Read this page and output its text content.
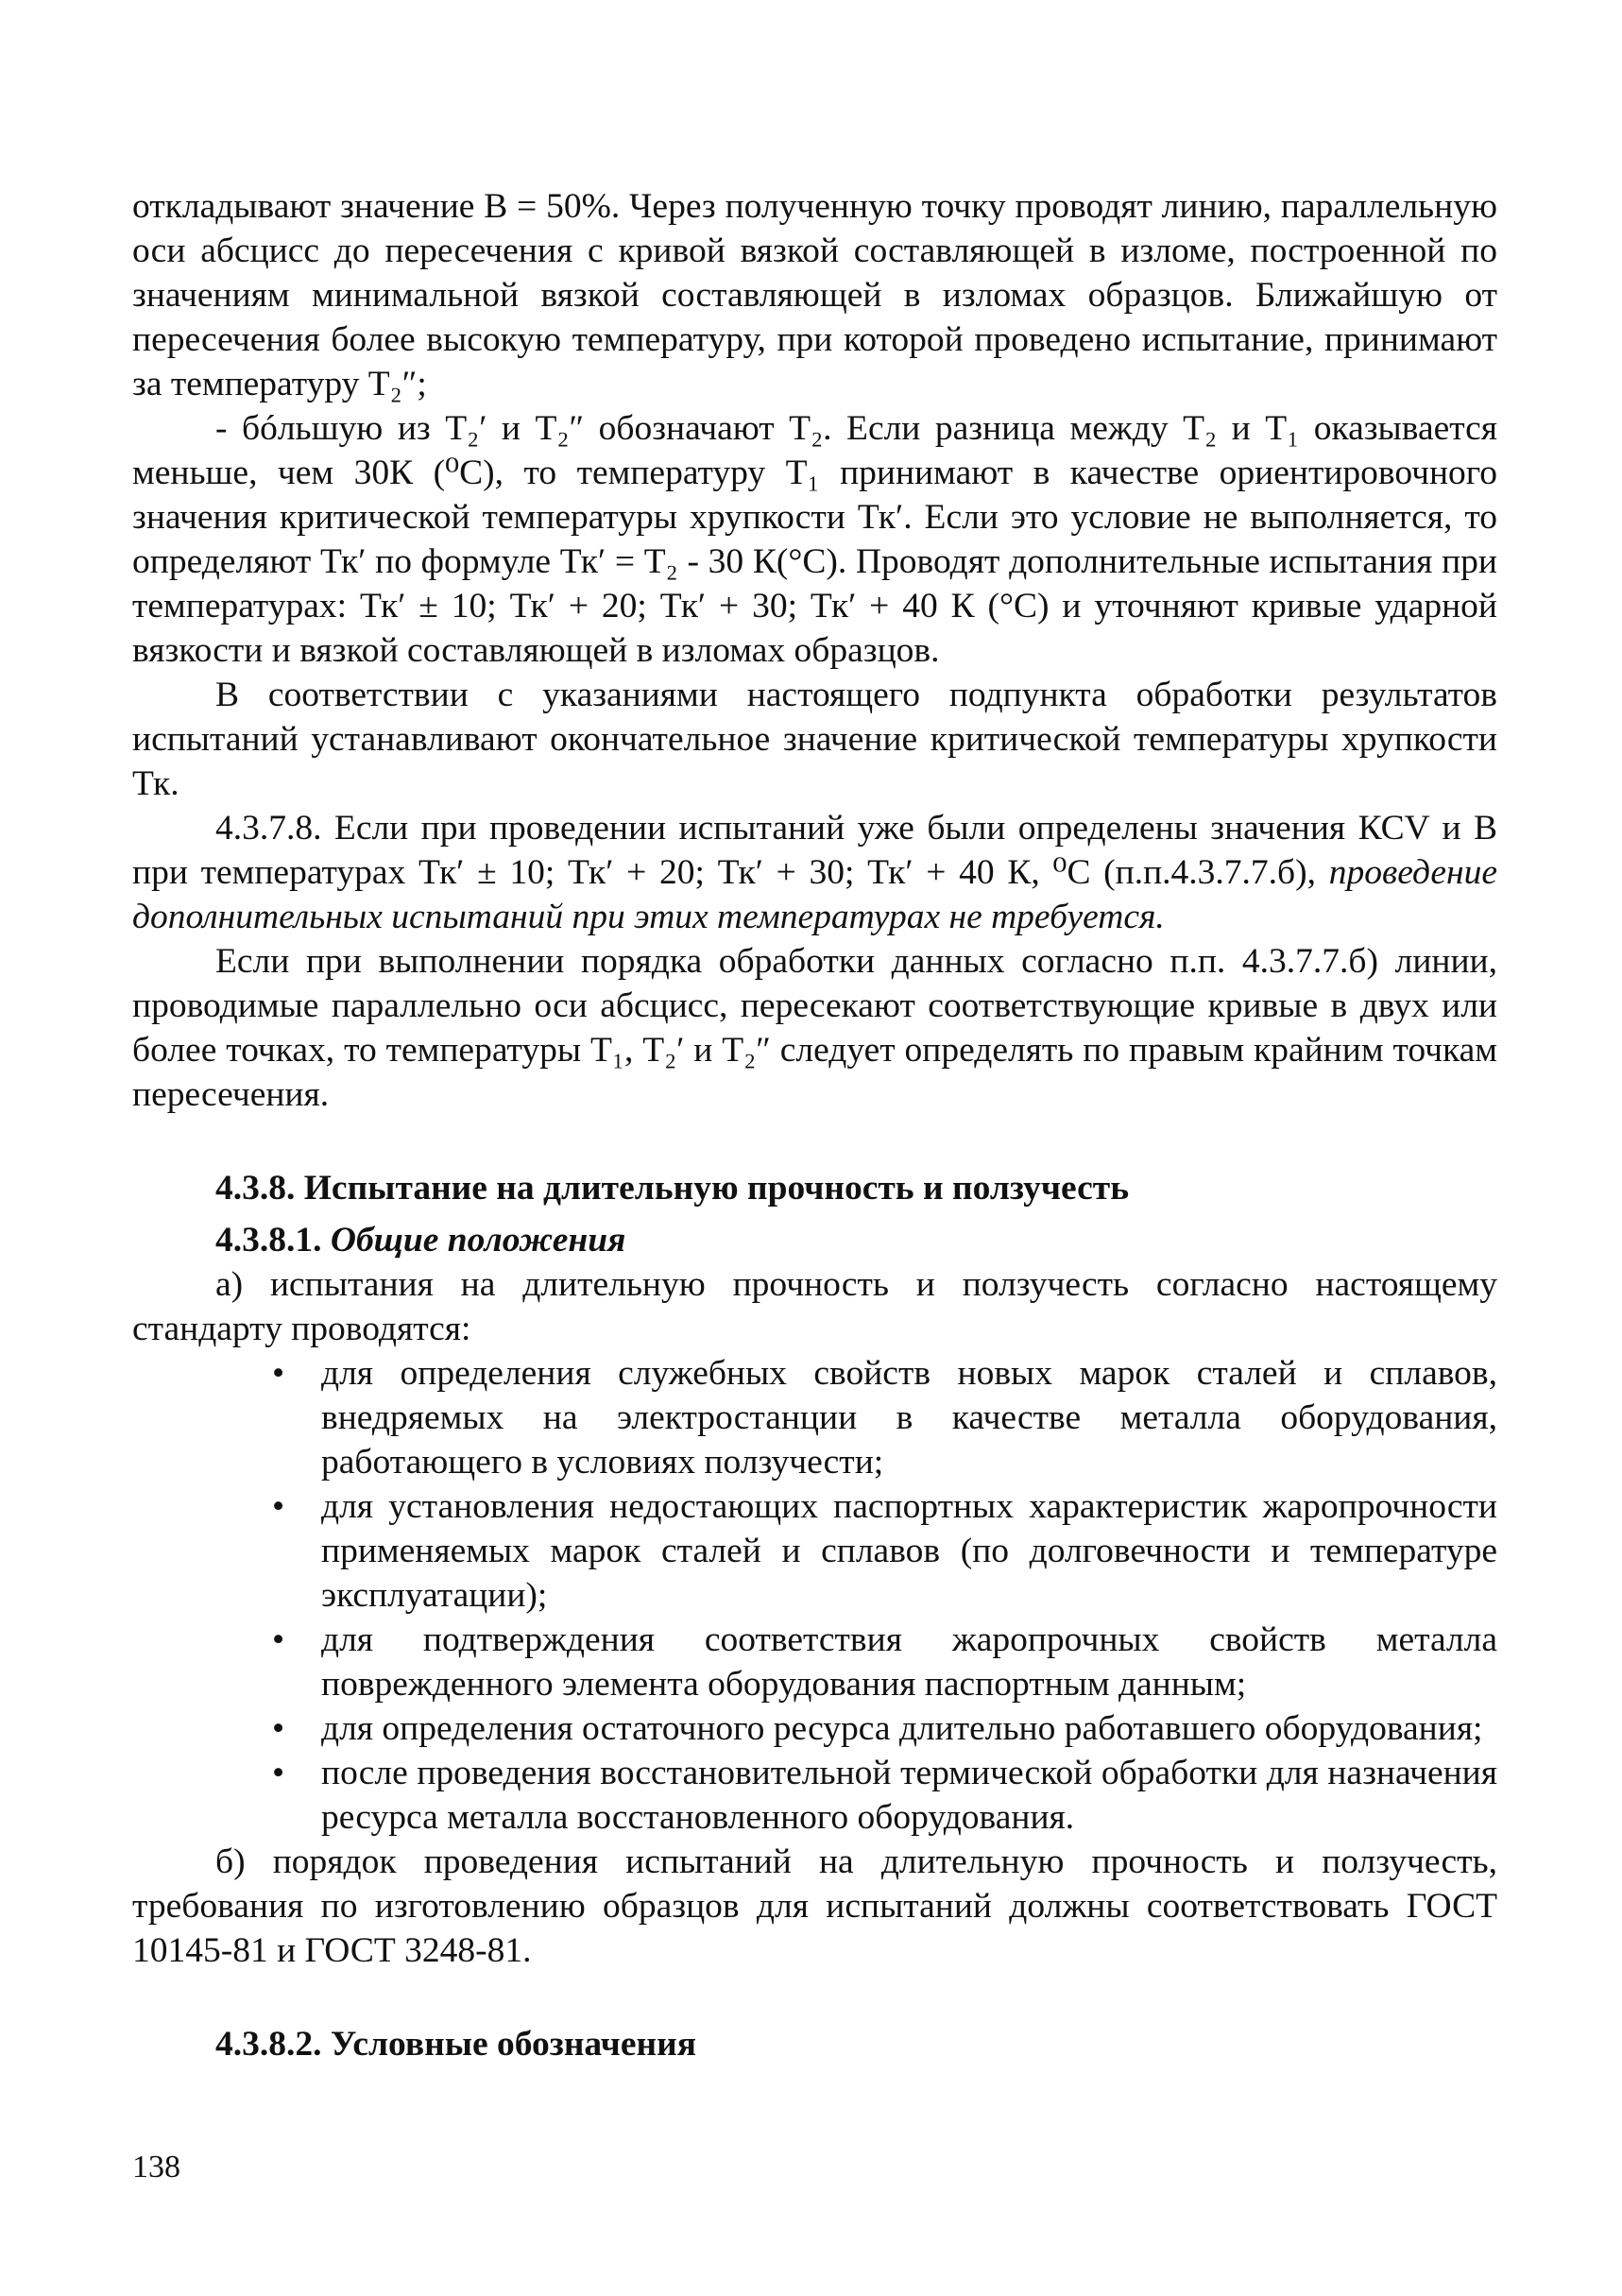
откладывают значение В = 50%. Через полученную точку проводят линию, параллельную оси абсцисс до пересечения с кривой вязкой составляющей в изломе, построенной по значениям минимальной вязкой составляющей в изломах образцов. Ближайшую от пересечения более высокую температуру, при которой проведено испытание, принимают за температуру Т₂″;

- бóльшую из Т₂′ и Т₂″ обозначают Т₂. Если разница между Т₂ и Т₁ оказывается меньше, чем 30К (⁰С), то температуру Т₁ принимают в качестве ориентировочного значения критической температуры хрупкости Тк′. Если это условие не выполняется, то определяют Тк′ по формуле Тк′ = Т₂ - 30 К(°С). Проводят дополнительные испытания при температурах: Тк′ ± 10; Тк′ + 20; Тк′ + 30; Тк′ + 40 К (°С) и уточняют кривые ударной вязкости и вязкой составляющей в изломах образцов.

В соответствии с указаниями настоящего подпункта обработки результатов испытаний устанавливают окончательное значение критической температуры хрупкости Тк.

4.3.7.8. Если при проведении испытаний уже были определены значения КСV и В при температурах Тк′ ± 10; Тк′ + 20; Тк′ + 30; Тк′ + 40 К, ⁰С (п.п.4.3.7.7.б), проведение дополнительных испытаний при этих температурах не требуется.

Если при выполнении порядка обработки данных согласно п.п. 4.3.7.7.б) линии, проводимые параллельно оси абсцисс, пересекают соответствующие кривые в двух или более точках, то температуры Т₁, Т₂′ и Т₂″ следует определять по правым крайним точкам пересечения.

4.3.8. Испытание на длительную прочность и ползучесть
4.3.8.1. Общие положения

а) испытания на длительную прочность и ползучесть согласно настоящему стандарту проводятся:

• для определения служебных свойств новых марок сталей и сплавов, внедряемых на электростанции в качестве металла оборудования, работающего в условиях ползучести;
• для установления недостающих паспортных характеристик жаропрочности применяемых марок сталей и сплавов (по долговечности и температуре эксплуатации);
• для подтверждения соответствия жаропрочных свойств металла поврежденного элемента оборудования паспортным данным;
• для определения остаточного ресурса длительно работавшего оборудования;
• после проведения восстановительной термической обработки для назначения ресурса металла восстановленного оборудования.

б) порядок проведения испытаний на длительную прочность и ползучесть, требования по изготовлению образцов для испытаний должны соответствовать ГОСТ 10145-81 и ГОСТ 3248-81.

4.3.8.2. Условные обозначения
138
